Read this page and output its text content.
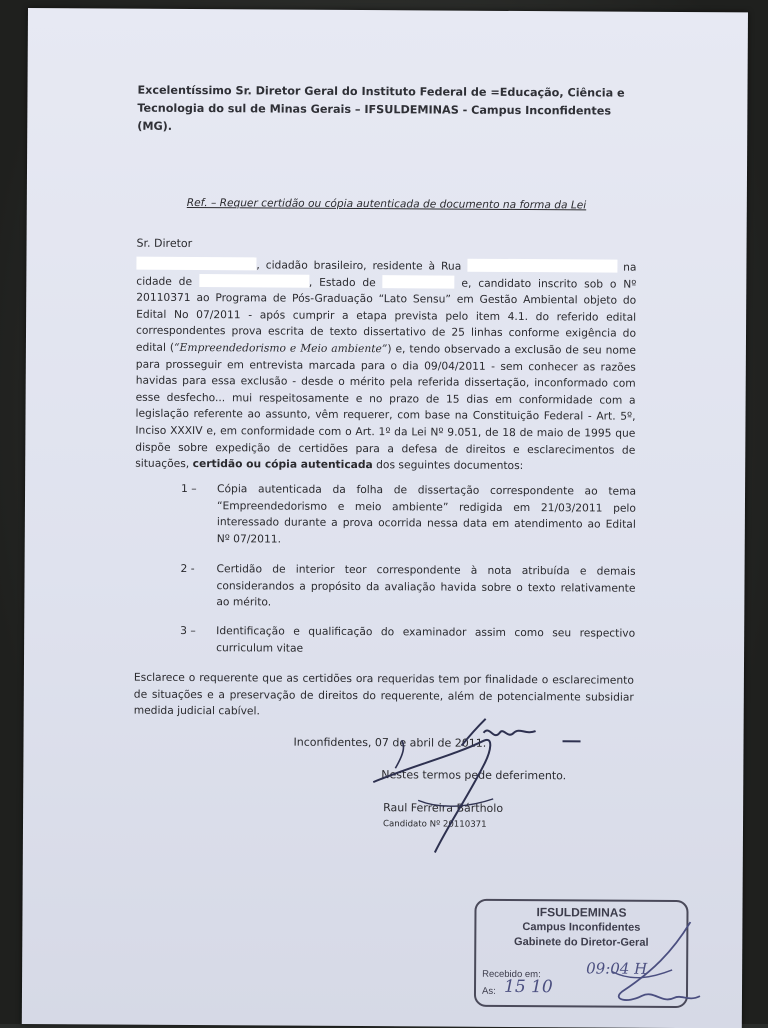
Excelentíssimo Sr. Diretor Geral do Instituto Federal de =Educação, Ciência e Tecnologia do sul de Minas Gerais – IFSULDEMINAS - Campus Inconfidentes (MG).
Ref. – Requer certidão ou cópia autenticada de documento na forma da Lei
Sr. Diretor
, cidadão brasileiro, residente à Rua	na cidade de	, Estado de	e, candidato inscrito sob o Nº 20110371 ao Programa de Pós-Graduação “Lato Sensu” em Gestão Ambiental objeto do Edital No 07/2011 - após cumprir a etapa prevista pelo item 4.1. do referido edital correspondentes prova escrita de texto dissertativo de 25 linhas conforme exigência do edital (“Empreendedorismo e Meio ambiente”) e, tendo observado a exclusão de seu nome para prosseguir em entrevista marcada para o dia 09/04/2011 - sem conhecer as razões havidas para essa exclusão - desde o mérito pela referida dissertação, inconformado com esse desfecho... mui respeitosamente e no prazo de 15 dias em conformidade com a legislação referente ao assunto, vêm requerer, com base na Constituição Federal - Art. 5º, Inciso XXXIV e, em conformidade com o Art. 1º da Lei Nº 9.051, de 18 de maio de 1995 que dispõe sobre expedição de certidões para a defesa de direitos e esclarecimentos de situações, certidão ou cópia autenticada dos seguintes documentos:
1 –	Cópia autenticada da folha de dissertação correspondente ao tema “Empreendedorismo e meio ambiente” redigida em 21/03/2011 pelo interessado durante a prova ocorrida nessa data em atendimento ao Edital Nº 07/2011.
2 -	Certidão de interior teor correspondente à nota atribuída e demais considerandos a propósito da avaliação havida sobre o texto relativamente ao mérito.
3 –	Identificação e qualificação do examinador assim como seu respectivo curriculum vitae
Esclarece o requerente que as certidões ora requeridas tem por finalidade o esclarecimento de situações e a preservação de direitos do requerente, além de potencialmente subsidiar medida judicial cabível.
Inconfidentes, 07 de abril de 2011.
Nestes termos pede deferimento.
Raul Ferreira Bártholo
Candidato Nº 20110371
IFSULDEMINAS
Campus Inconfidentes
Gabinete do Diretor-Geral
Recebido em:
As:
09:04 H
15 10
